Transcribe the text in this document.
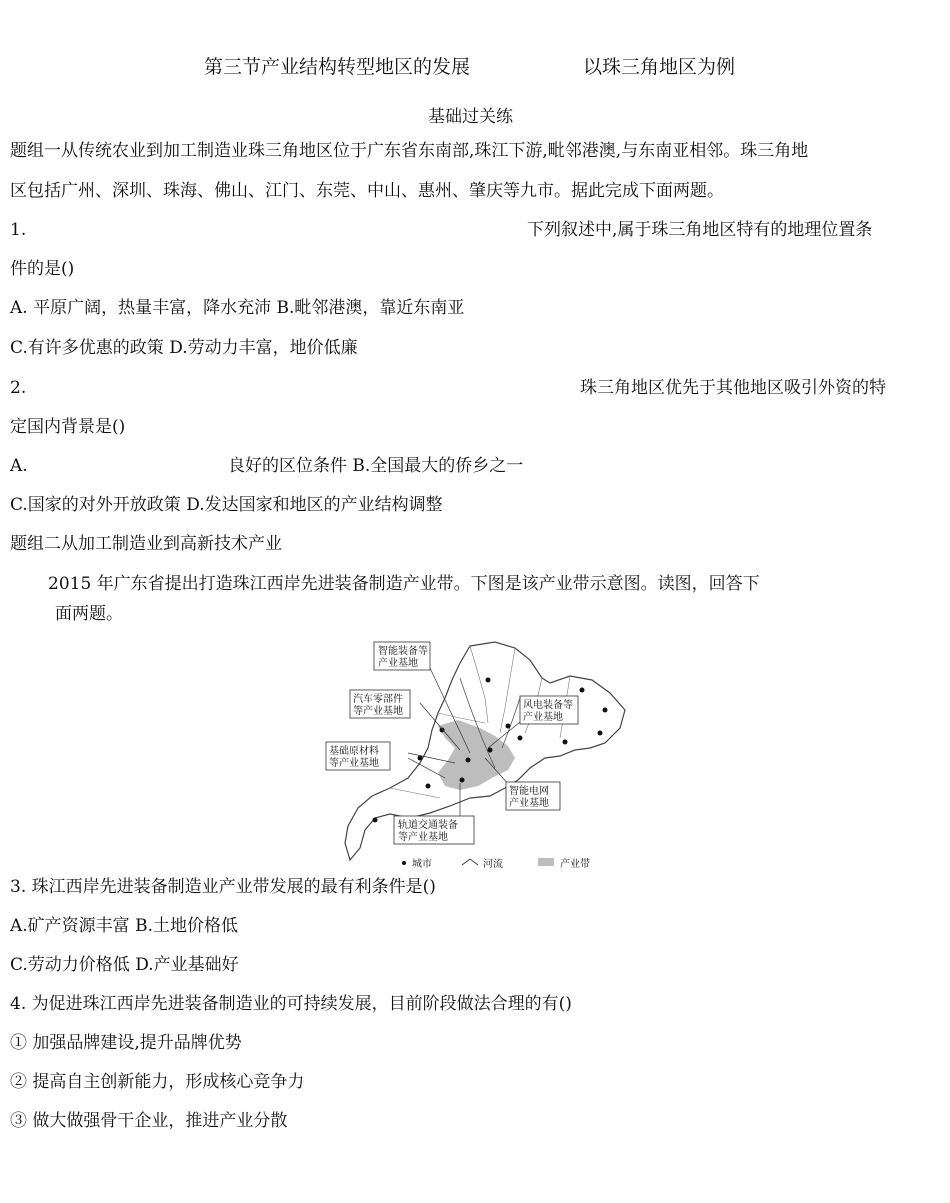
第三节产业结构转型地区的发展	以珠三角地区为例
基础过关练
题组一从传统农业到加工制造业珠三角地区位于广东省东南部,珠江下游,毗邻港澳,与东南亚相邻。珠三角地
区包括广州、深圳、珠海、佛山、江门、东莞、中山、惠州、肇庆等九市。据此完成下面两题。
1.	下列叙述中,属于珠三角地区特有的地理位置条
件的是()
A. 平原广阔，热量丰富，降水充沛 B.毗邻港澳，靠近东南亚
C.有许多优惠的政策 D.劳动力丰富，地价低廉
2.	珠三角地区优先于其他地区吸引外资的特
定国内背景是()
A.	良好的区位条件 B.全国最大的侨乡之一
C.国家的对外开放政策 D.发达国家和地区的产业结构调整
题组二从加工制造业到高新技术产业
2015 年广东省提出打造珠江西岸先进装备制造产业带。下图是该产业带示意图。读图，回答下
面两题。
智能装备等
产业基地
汽车零部件
等产业基地
基础原材料
等产业基地
风电装备等
产业基地
智能电网
产业基地
轨道交通装备
等产业基地
城市	河流	产业带
3. 珠江西岸先进装备制造业产业带发展的最有利条件是()
A.矿产资源丰富 B.土地价格低
C.劳动力价格低 D.产业基础好
4. 为促进珠江西岸先进装备制造业的可持续发展，目前阶段做法合理的有()
① 加强品牌建设,提升品牌优势
② 提高自主创新能力，形成核心竞争力
③ 做大做强骨干企业，推进产业分散
